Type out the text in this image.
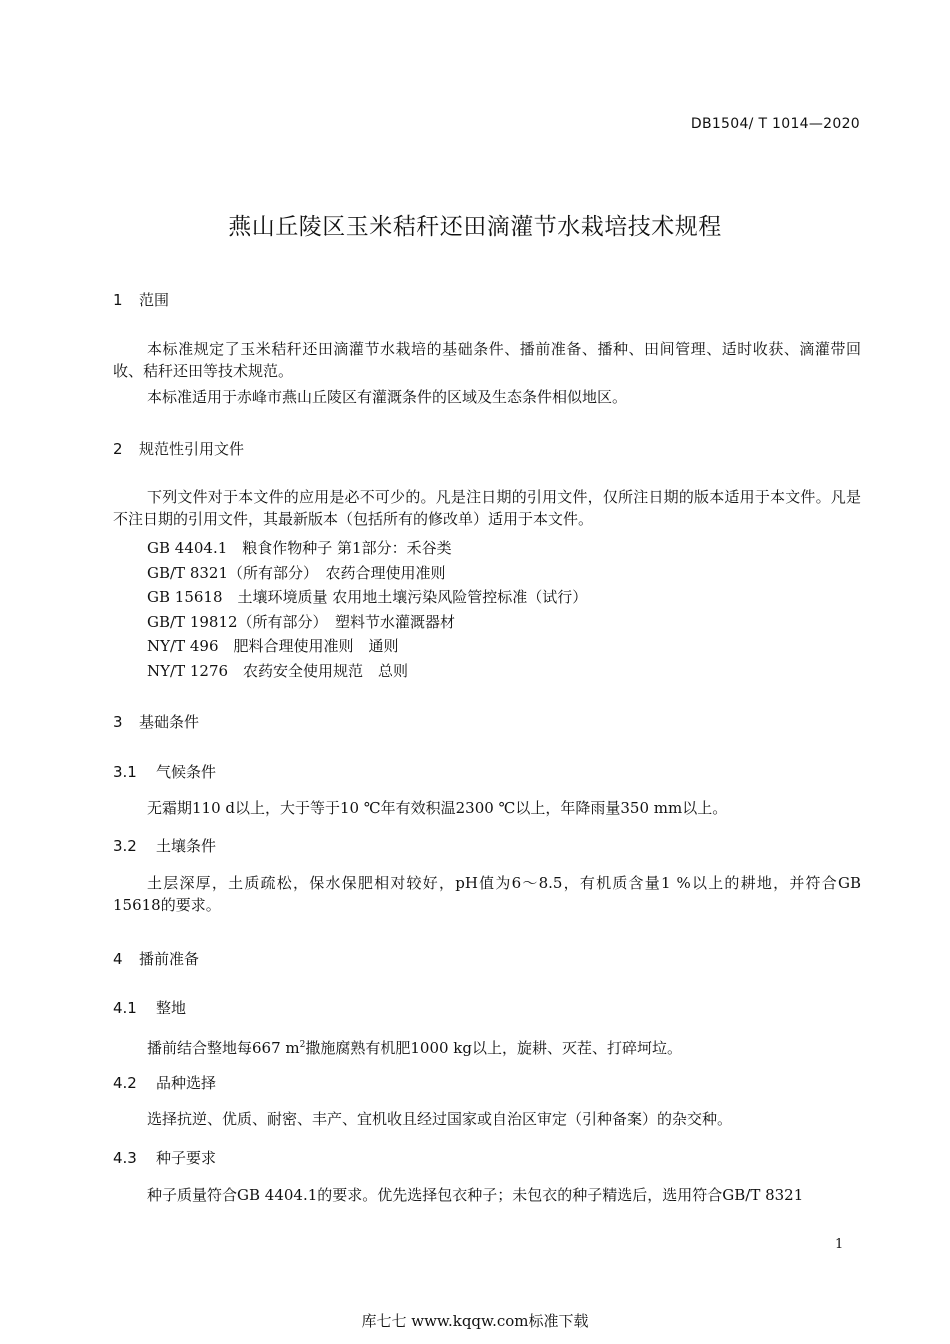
DB1504/ T 1014—2020
燕山丘陵区玉米秸秆还田滴灌节水栽培技术规程
1 范围
本标准规定了玉米秸秆还田滴灌节水栽培的基础条件、播前准备、播种、田间管理、适时收获、滴灌带回收、秸秆还田等技术规范。
本标准适用于赤峰市燕山丘陵区有灌溉条件的区域及生态条件相似地区。
2 规范性引用文件
下列文件对于本文件的应用是必不可少的。凡是注日期的引用文件，仅所注日期的版本适用于本文件。凡是不注日期的引用文件，其最新版本（包括所有的修改单）适用于本文件。
GB 4404.1　粮食作物种子 第1部分：禾谷类
GB/T 8321（所有部分）　农药合理使用准则
GB 15618　土壤环境质量 农用地土壤污染风险管控标准（试行）
GB/T 19812（所有部分）　塑料节水灌溉器材
NY/T 496　肥料合理使用准则　通则
NY/T 1276　农药安全使用规范　总则
3 基础条件
3.1 气候条件
无霜期110 d以上，大于等于10 ℃年有效积温2300 ℃以上，年降雨量350 mm以上。
3.2 土壤条件
土层深厚，土质疏松，保水保肥相对较好，pH值为6～8.5，有机质含量1 %以上的耕地，并符合GB 15618的要求。
4 播前准备
4.1 整地
播前结合整地每667 $m^2$撒施腐熟有机肥1000 kg以上，旋耕、灭茬、打碎坷垃。
4.2 品种选择
选择抗逆、优质、耐密、丰产、宜机收且经过国家或自治区审定（引种备案）的杂交种。
4.3 种子要求
种子质量符合GB 4404.1的要求。优先选择包衣种子；未包衣的种子精选后，选用符合GB/T 8321
1
库七七 www.kqqw.com标准下载
